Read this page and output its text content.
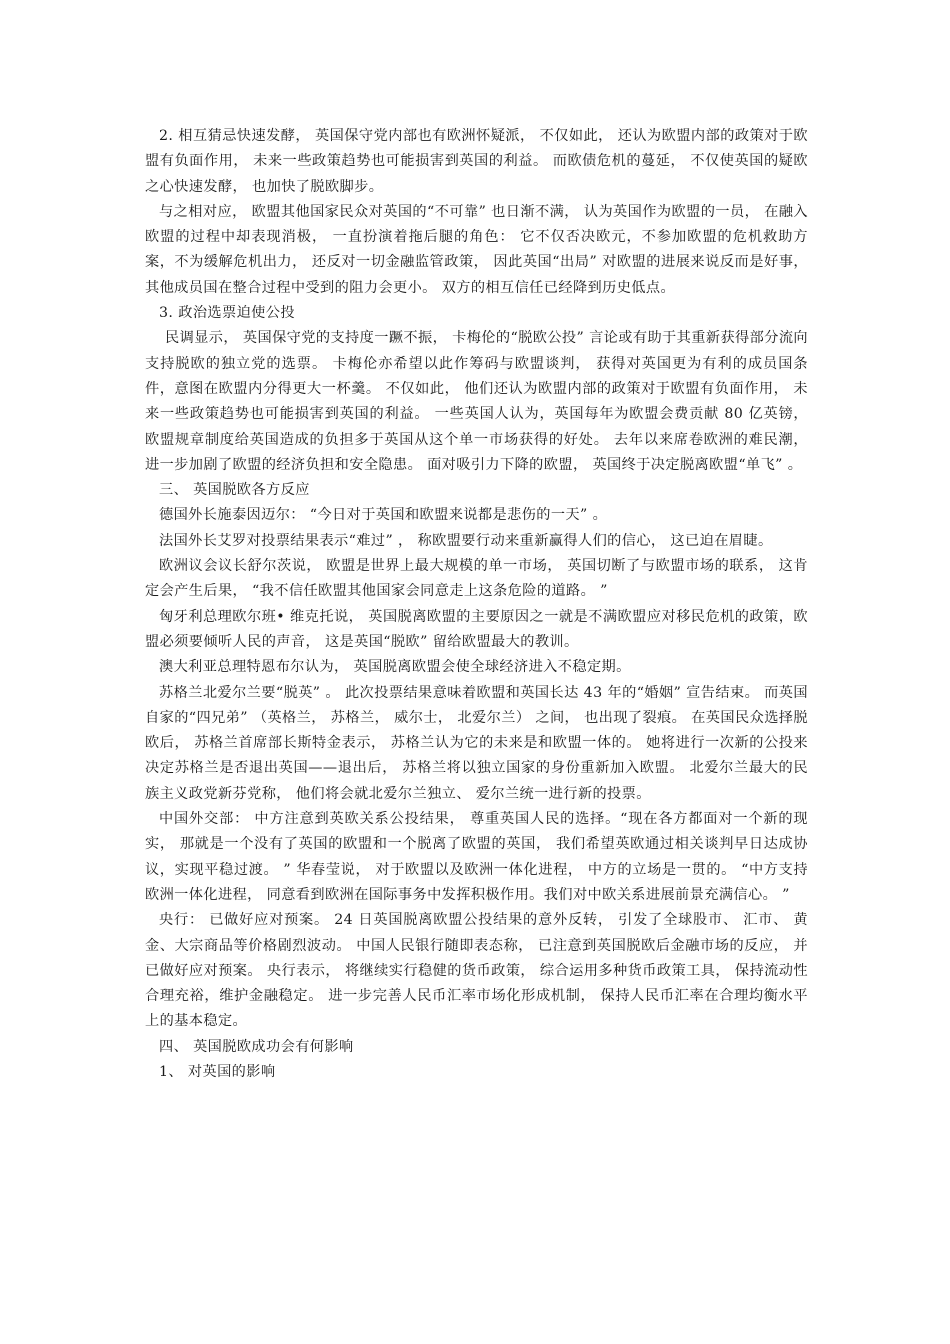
2. 相互猜忌快速发酵， 英国保守党内部也有欧洲怀疑派， 不仅如此， 还认为欧盟内部的政策对于欧盟有负面作用， 未来一些政策趋势也可能损害到英国的利益。 而欧债危机的蔓延， 不仅使英国的疑欧之心快速发酵， 也加快了脱欧脚步。

与之相对应， 欧盟其他国家民众对英国的“不可靠” 也日渐不满， 认为英国作为欧盟的一员， 在融入欧盟的过程中却表现消极， 一直扮演着拖后腿的角色： 它不仅否决欧元，不参加欧盟的危机救助方案，不为缓解危机出力， 还反对一切金融监管政策， 因此英国“出局” 对欧盟的进展来说反而是好事，其他成员国在整合过程中受到的阻力会更小。 双方的相互信任已经降到历史低点。

3. 政治选票迫使公投

民调显示， 英国保守党的支持度一蹶不振， 卡梅伦的“脱欧公投” 言论或有助于其重新获得部分流向支持脱欧的独立党的选票。 卡梅伦亦希望以此作筹码与欧盟谈判， 获得对英国更为有利的成员国条件，意图在欧盟内分得更大一杯羹。 不仅如此， 他们还认为欧盟内部的政策对于欧盟有负面作用， 未来一些政策趋势也可能损害到英国的利益。 一些英国人认为，英国每年为欧盟会费贡献 80 亿英镑， 欧盟规章制度给英国造成的负担多于英国从这个单一市场获得的好处。 去年以来席卷欧洲的难民潮， 进一步加剧了欧盟的经济负担和安全隐患。 面对吸引力下降的欧盟， 英国终于决定脱离欧盟“单飞” 。

三、 英国脱欧各方反应

德国外长施泰因迈尔： “今日对于英国和欧盟来说都是悲伤的一天” 。

法国外长艾罗对投票结果表示“难过” ， 称欧盟要行动来重新赢得人们的信心， 这已迫在眉睫。

欧洲议会议长舒尔茨说， 欧盟是世界上最大规模的单一市场， 英国切断了与欧盟市场的联系， 这肯定会产生后果， “我不信任欧盟其他国家会同意走上这条危险的道路。 ”

匈牙利总理欧尔班• 维克托说， 英国脱离欧盟的主要原因之一就是不满欧盟应对移民危机的政策，欧盟必须要倾听人民的声音， 这是英国“脱欧” 留给欧盟最大的教训。

澳大利亚总理特恩布尔认为， 英国脱离欧盟会使全球经济进入不稳定期。

苏格兰北爱尔兰要“脱英” 。 此次投票结果意味着欧盟和英国长达 43 年的“婚姻” 宣告结束。 而英国自家的“四兄弟” （英格兰， 苏格兰， 威尔士， 北爱尔兰） 之间， 也出现了裂痕。 在英国民众选择脱欧后， 苏格兰首席部长斯特金表示， 苏格兰认为它的未来是和欧盟一体的。 她将进行一次新的公投来决定苏格兰是否退出英国——退出后， 苏格兰将以独立国家的身份重新加入欧盟。 北爱尔兰最大的民族主义政党新芬党称， 他们将会就北爱尔兰独立、 爱尔兰统一进行新的投票。

中国外交部： 中方注意到英欧关系公投结果， 尊重英国人民的选择。“现在各方都面对一个新的现实， 那就是一个没有了英国的欧盟和一个脱离了欧盟的英国， 我们希望英欧通过相关谈判早日达成协议，实现平稳过渡。 ” 华春莹说， 对于欧盟以及欧洲一体化进程， 中方的立场是一贯的。 “中方支持欧洲一体化进程， 同意看到欧洲在国际事务中发挥积极作用。我们对中欧关系进展前景充满信心。 ”

央行： 已做好应对预案。 24 日英国脱离欧盟公投结果的意外反转， 引发了全球股市、 汇市、 黄金、大宗商品等价格剧烈波动。 中国人民银行随即表态称， 已注意到英国脱欧后金融市场的反应， 并已做好应对预案。 央行表示， 将继续实行稳健的货币政策， 综合运用多种货币政策工具， 保持流动性合理充裕，维护金融稳定。 进一步完善人民币汇率市场化形成机制， 保持人民币汇率在合理均衡水平上的基本稳定。

四、 英国脱欧成功会有何影响

1、 对英国的影响
